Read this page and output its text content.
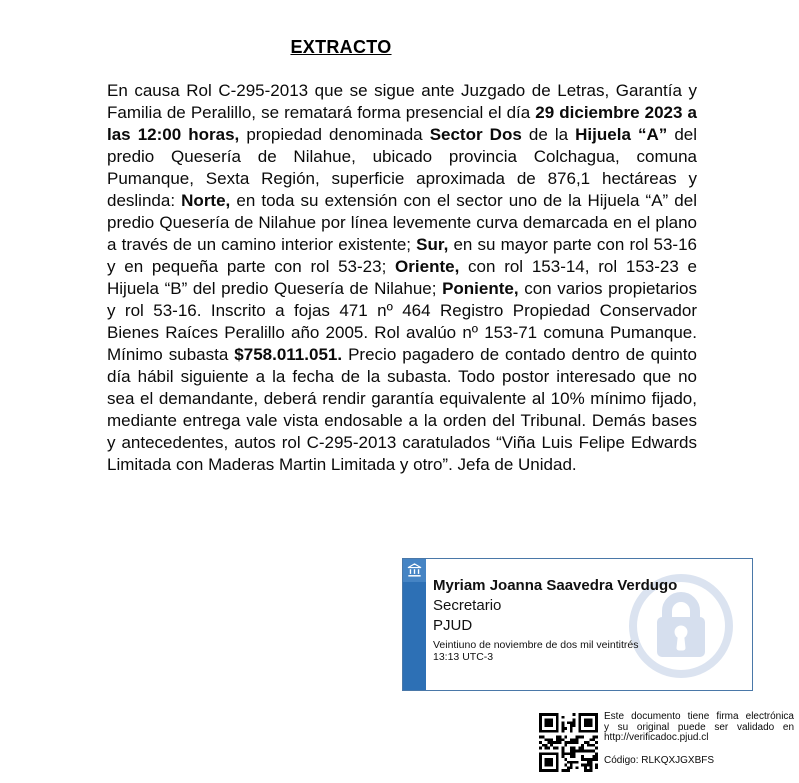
EXTRACTO
En causa Rol C-295-2013 que se sigue ante Juzgado de Letras, Garantía y Familia de Peralillo, se rematará forma presencial el día 29 diciembre 2023 a las 12:00 horas, propiedad denominada Sector Dos de la Hijuela “A” del predio Quesería de Nilahue, ubicado provincia Colchagua, comuna Pumanque, Sexta Región, superficie aproximada de 876,1 hectáreas y deslinda: Norte, en toda su extensión con el sector uno de la Hijuela “A” del predio Quesería de Nilahue por línea levemente curva demarcada en el plano a través de un camino interior existente; Sur, en su mayor parte con rol 53-16 y en pequeña parte con rol 53-23; Oriente, con rol 153-14, rol 153-23 e Hijuela “B” del predio Quesería de Nilahue; Poniente, con varios propietarios y rol 53-16. Inscrito a fojas 471 nº 464 Registro Propiedad Conservador Bienes Raíces Peralillo año 2005. Rol avalúo nº 153-71 comuna Pumanque. Mínimo subasta $758.011.051. Precio pagadero de contado dentro de quinto día hábil siguiente a la fecha de la subasta. Todo postor interesado que no sea el demandante, deberá rendir garantía equivalente al 10% mínimo fijado, mediante entrega vale vista endosable a la orden del Tribunal. Demás bases y antecedentes, autos rol C-295-2013 caratulados “Viña Luis Felipe Edwards Limitada con Maderas Martin Limitada y otro”. Jefa de Unidad.
Myriam Joanna Saavedra Verdugo
Secretario
PJUD
Veintiuno de noviembre de dos mil veintitrés
13:13 UTC-3
Este documento tiene firma electrónica
y su original puede ser validado en
http://verificadoc.pjud.cl
Código: RLKQXJGXBFS
